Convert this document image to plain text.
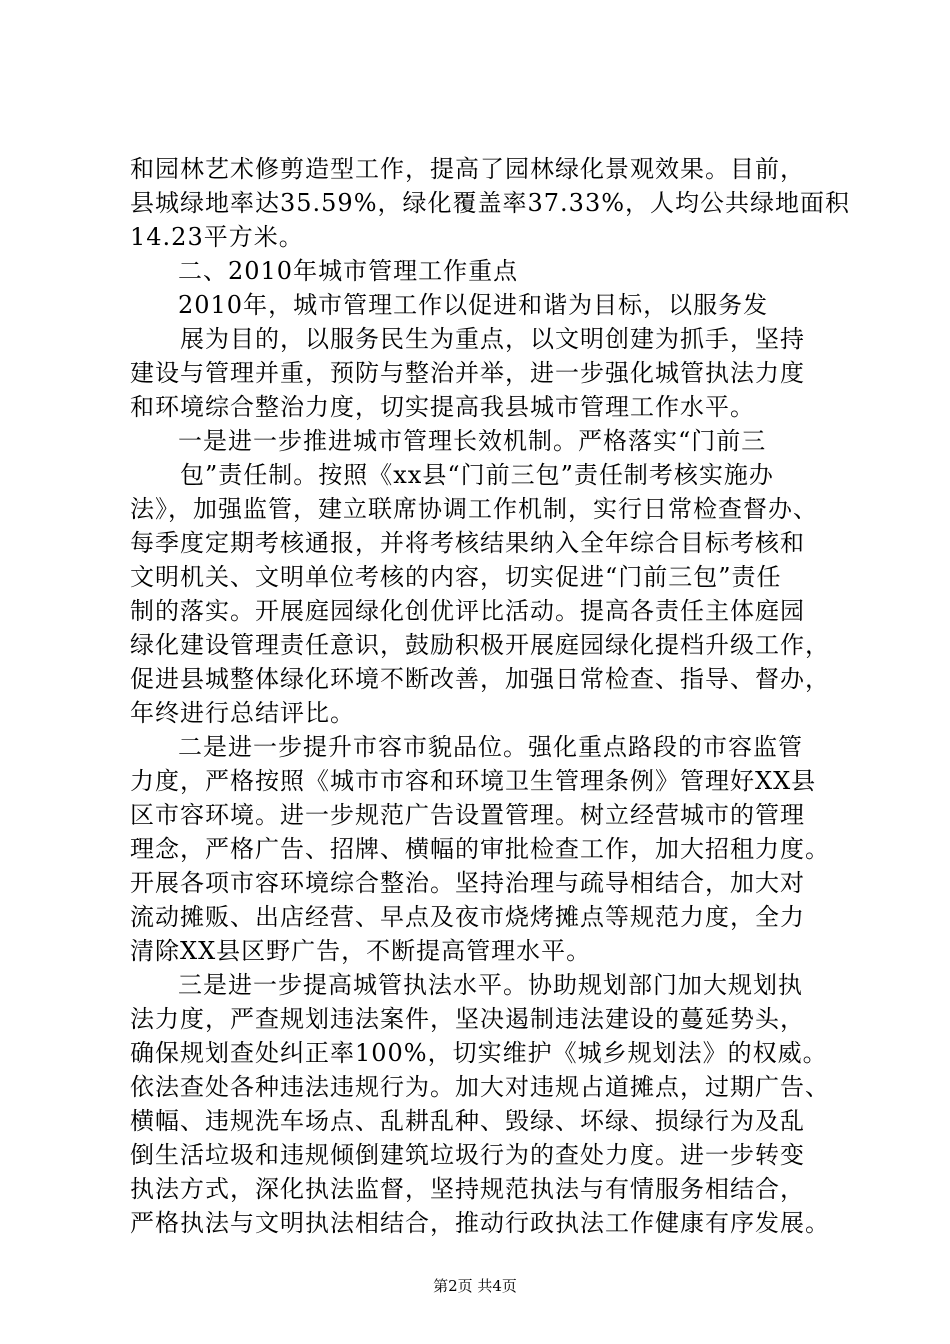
和园林艺术修剪造型工作，提高了园林绿化景观效果。目前，
县城绿地率达35.59%，绿化覆盖率37.33%，人均公共绿地面积
14.23平方米。
二、2010年城市管理工作重点
2010年，城市管理工作以促进和谐为目标，以服务发
展为目的，以服务民生为重点，以文明创建为抓手，坚持
建设与管理并重，预防与整治并举，进一步强化城管执法力度
和环境综合整治力度，切实提高我县城市管理工作水平。
一是进一步推进城市管理长效机制。严格落实“门前三
包”责任制。按照《xx县“门前三包”责任制考核实施办
法》，加强监管，建立联席协调工作机制，实行日常检查督办、
每季度定期考核通报，并将考核结果纳入全年综合目标考核和
文明机关、文明单位考核的内容，切实促进“门前三包”责任
制的落实。开展庭园绿化创优评比活动。提高各责任主体庭园
绿化建设管理责任意识，鼓励积极开展庭园绿化提档升级工作，
促进县城整体绿化环境不断改善，加强日常检查、指导、督办，
年终进行总结评比。
二是进一步提升市容市貌品位。强化重点路段的市容监管
力度，严格按照《城市市容和环境卫生管理条例》管理好XX县
区市容环境。进一步规范广告设置管理。树立经营城市的管理
理念，严格广告、招牌、横幅的审批检查工作，加大招租力度。
开展各项市容环境综合整治。坚持治理与疏导相结合，加大对
流动摊贩、出店经营、早点及夜市烧烤摊点等规范力度，全力
清除XX县区野广告，不断提高管理水平。
三是进一步提高城管执法水平。协助规划部门加大规划执
法力度，严查规划违法案件，坚决遏制违法建设的蔓延势头，
确保规划查处纠正率100%，切实维护《城乡规划法》的权威。
依法查处各种违法违规行为。加大对违规占道摊点，过期广告、
横幅、违规洗车场点、乱耕乱种、毁绿、坏绿、损绿行为及乱
倒生活垃圾和违规倾倒建筑垃圾行为的查处力度。进一步转变
执法方式，深化执法监督，坚持规范执法与有情服务相结合，
严格执法与文明执法相结合，推动行政执法工作健康有序发展。
第2页 共4页
